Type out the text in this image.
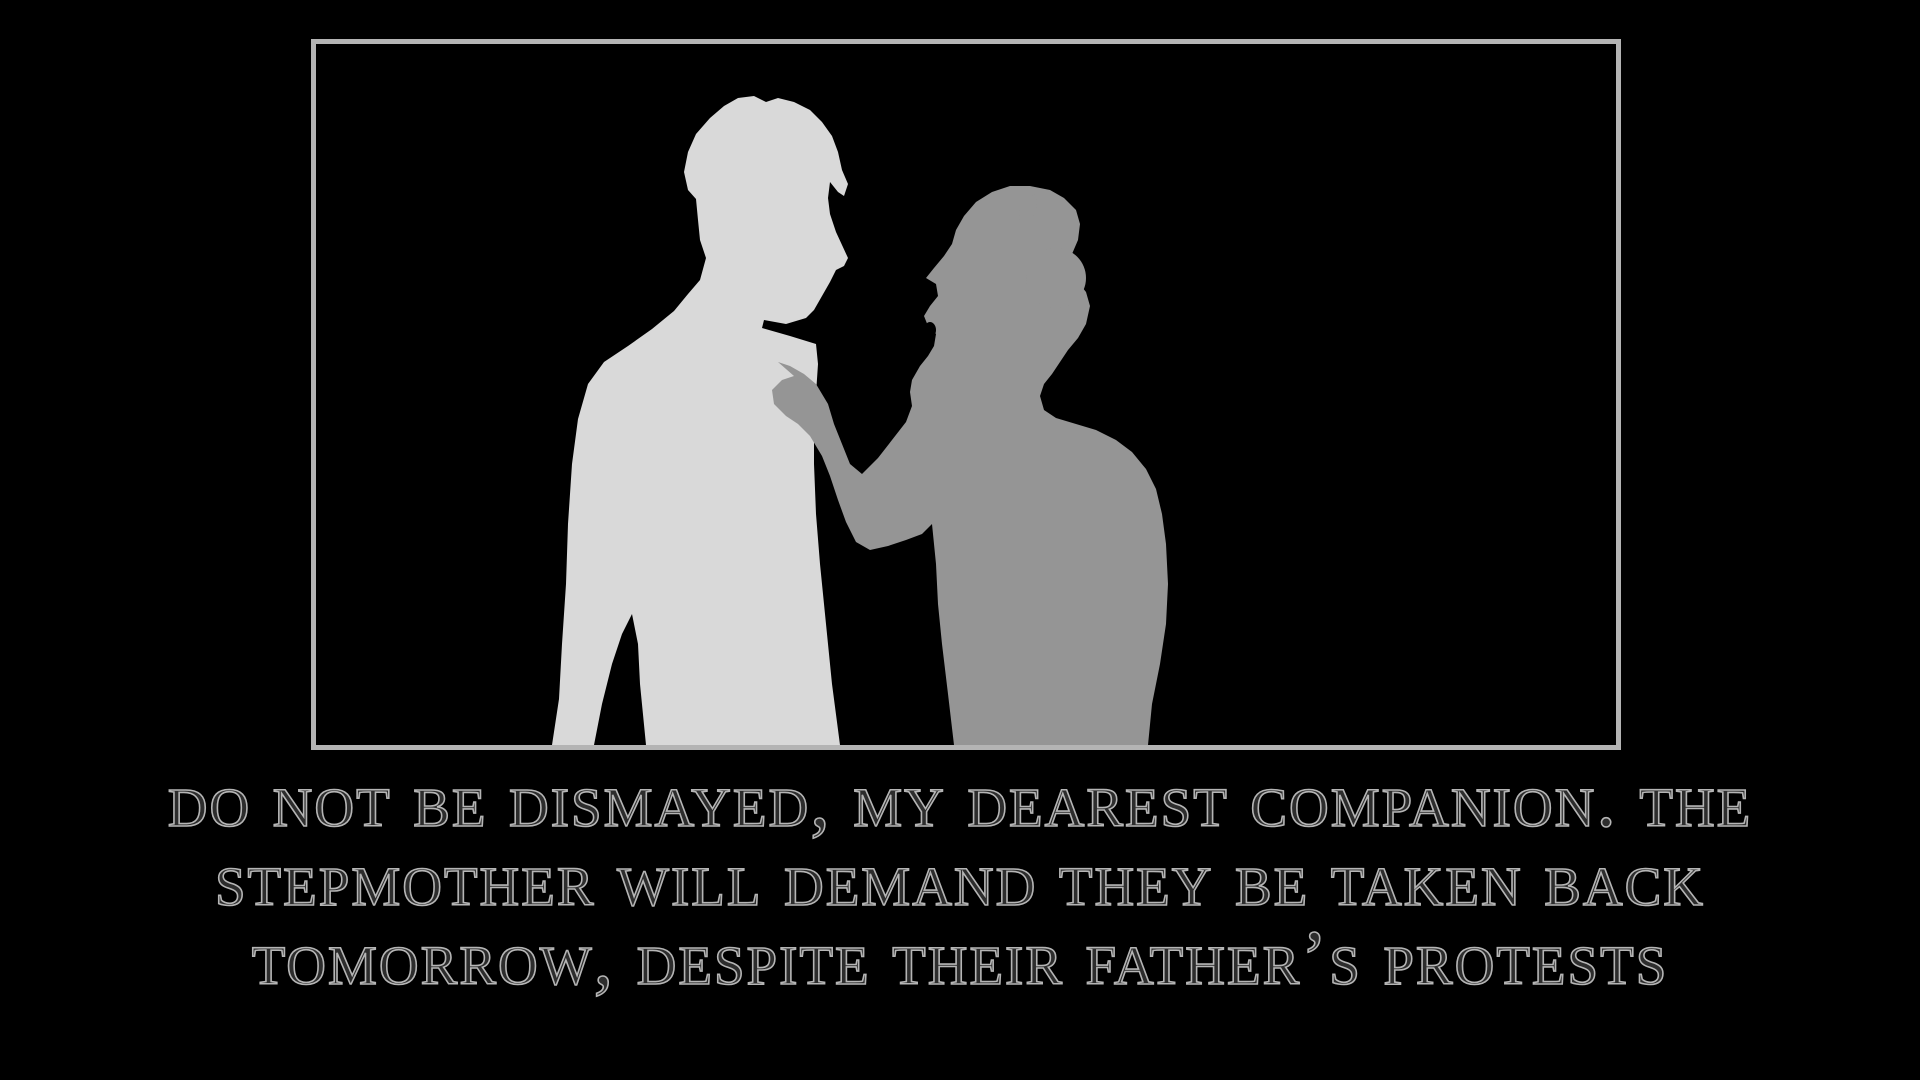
do not be dismayed, my dearest companion. the stepmother will demand they be taken back tomorrow, despite their father’s protests
